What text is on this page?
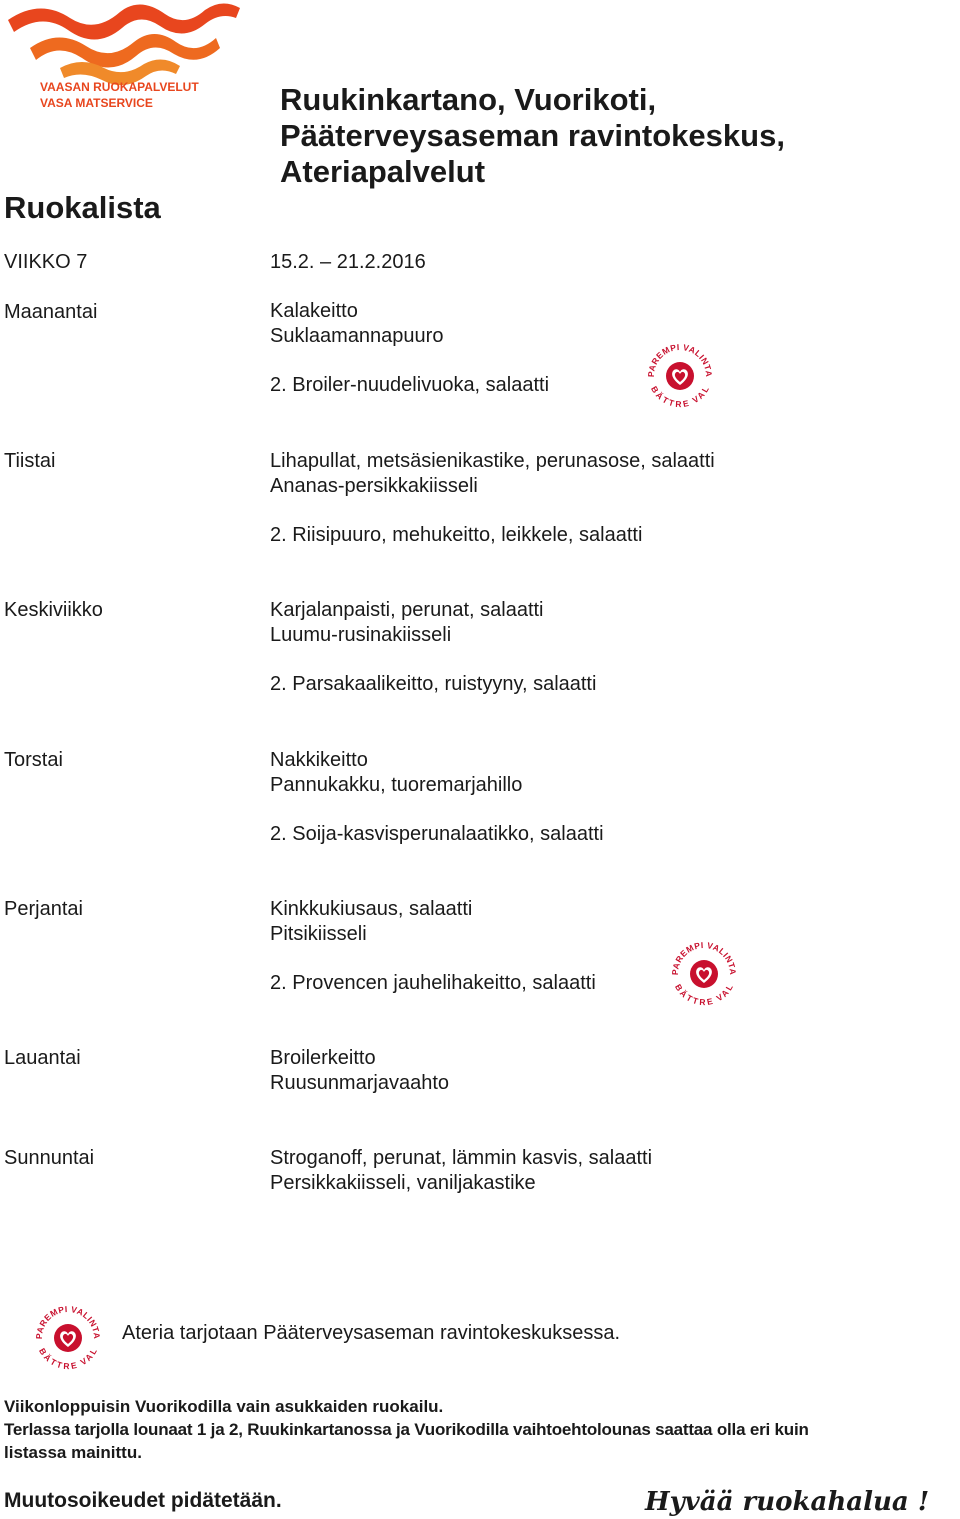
VAASAN RUOKAPALVELUT
VASA MATSERVICE	Ruukinkartano, Vuorikoti,
Pääterveysaseman ravintokeskus,
Ateriapalvelut
Ruokalista
VIIKKO 7	15.2. – 21.2.2016
Maanantai	Kalakeitto
Suklaamannapuuro
2. Broiler-nuudelivuoka, salaatti
Tiistai	Lihapullat, metsäsienikastike, perunasose, salaatti
Ananas-persikkakiisseli
2. Riisipuuro, mehukeitto, leikkele, salaatti
Keskiviikko	Karjalanpaisti, perunat, salaatti
Luumu-rusinakiisseli
2. Parsakaalikeitto, ruistyyny, salaatti
Torstai	Nakkikeitto
Pannukakku, tuoremarjahillo
2. Soija-kasvisperunalaatikko, salaatti
Perjantai	Kinkkukiusaus, salaatti
Pitsikiisseli
2. Provencen jauhelihakeitto, salaatti
Lauantai	Broilerkeitto
Ruusunmarjavaahto
Sunnuntai	Stroganoff, perunat, lämmin kasvis, salaatti
Persikkakiisseli, vaniljakastike
PAREMPI VALINTA
BÄTTRE VAL
PAREMPI VALINTA
BÄTTRE VAL
PAREMPI VALINTA
BÄTTRE VAL
Ateria tarjotaan Pääterveysaseman ravintokeskuksessa.
Viikonloppuisin Vuorikodilla vain asukkaiden ruokailu.
Terlassa tarjolla lounaat 1 ja 2, Ruukinkartanossa ja Vuorikodilla vaihtoehtolounas saattaa olla eri kuin
listassa mainittu.
Muutosoikeudet pidätetään.	Hyvää ruokahalua !
